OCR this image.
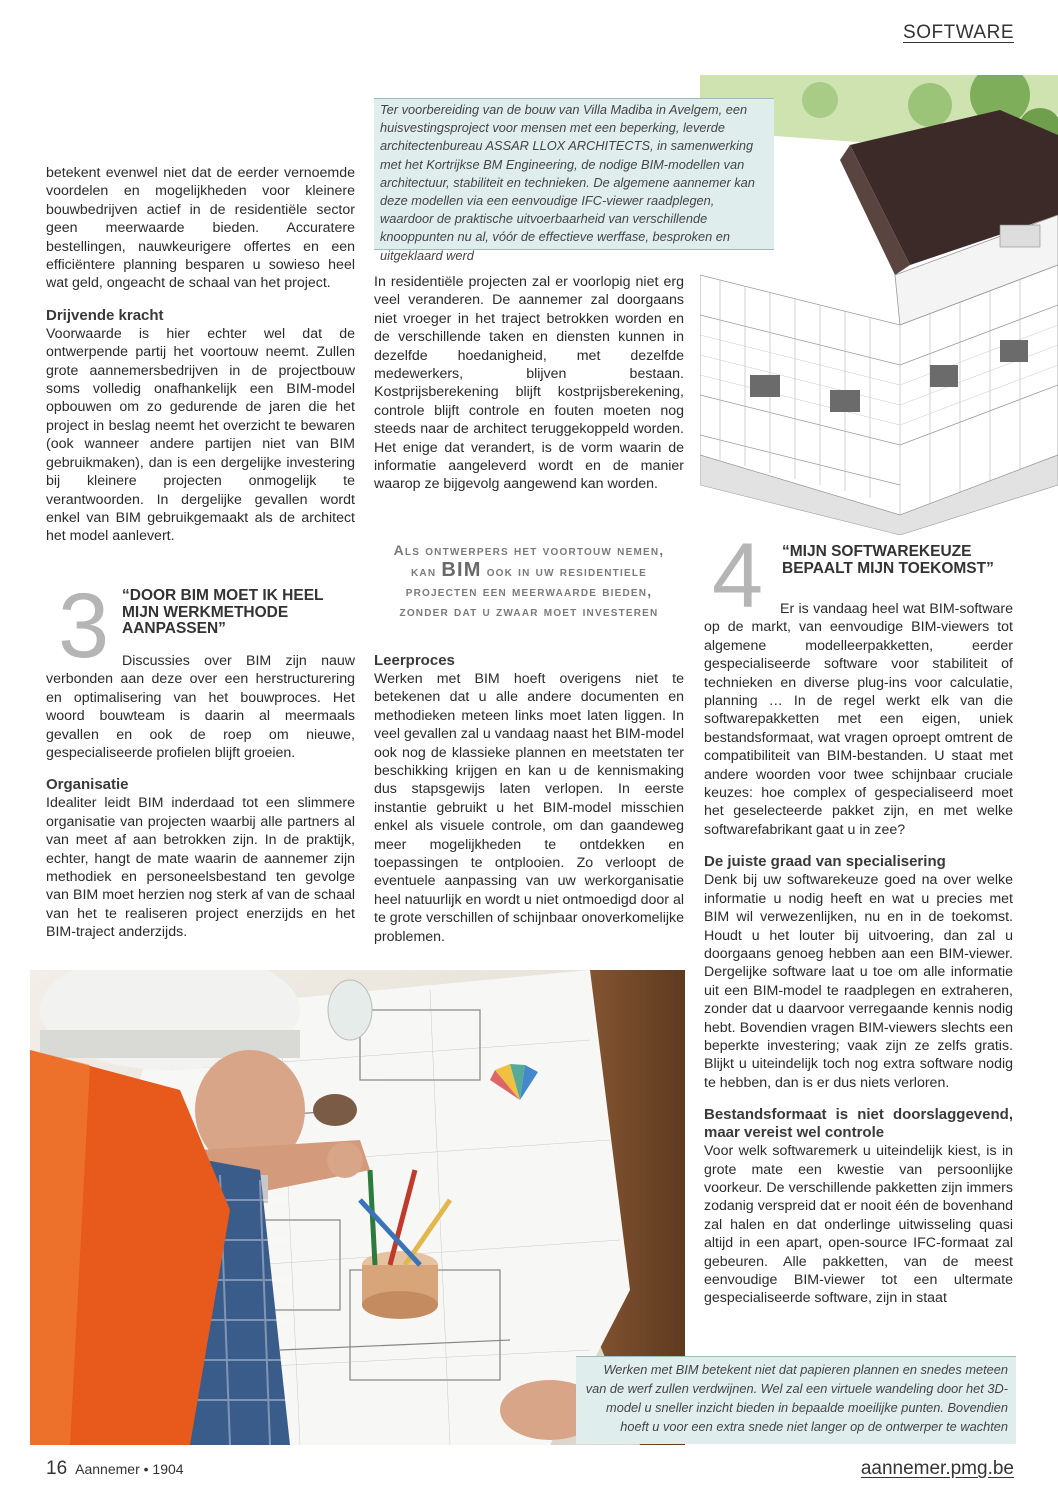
SOFTWARE

Ter voorbereiding van de bouw van Villa Madiba in Avelgem, een huisvestingsproject voor mensen met een beperking, leverde architectenbureau ASSAR LLOX ARCHITECTS, in samenwerking met het Kortrijkse BM Engineering, de nodige BIM-modellen van architectuur, stabiliteit en technieken. De algemene aannemer kan deze modellen via een eenvoudige IFC-viewer raadplegen, waardoor de praktische uitvoerbaarheid van verschillende knooppunten nu al, vóór de effectieve werffase, besproken en uitgeklaard werd

betekent evenwel niet dat de eerder vernoemde voordelen en mogelijkheden voor kleinere bouwbedrijven actief in de residentiële sector geen meerwaarde bieden. Accuratere bestellingen, nauwkeurigere offertes en een efficiëntere planning besparen u sowieso heel wat geld, ongeacht de schaal van het project.

Drijvende kracht

Voorwaarde is hier echter wel dat de ontwerpende partij het voortouw neemt. Zullen grote aannemersbedrijven in de projectbouw soms volledig onafhankelijk een BIM-model opbouwen om zo gedurende de jaren die het project in beslag neemt het overzicht te bewaren (ook wanneer andere partijen niet van BIM gebruikmaken), dan is een dergelijke investering bij kleinere projecten onmogelijk te verantwoorden. In dergelijke gevallen wordt enkel van BIM gebruikgemaakt als de architect het model aanlevert.

3 “DOOR BIM MOET IK HEEL MIJN WERKMETHODE AANPASSEN”

Discussies over BIM zijn nauw verbonden aan deze over een herstructurering en optimalisering van het bouwproces. Het woord bouwteam is daarin al meermaals gevallen en ook de roep om nieuwe, gespecialiseerde profielen blijft groeien.

Organisatie

Idealiter leidt BIM inderdaad tot een slimmere organisatie van projecten waarbij alle partners al van meet af aan betrokken zijn. In de praktijk, echter, hangt de mate waarin de aannemer zijn methodiek en personeelsbestand ten gevolge van BIM moet herzien nog sterk af van de schaal van het te realiseren project enerzijds en het BIM-traject anderzijds.

In residentiële projecten zal er voorlopig niet erg veel veranderen. De aannemer zal doorgaans niet vroeger in het traject betrokken worden en de verschillende taken en diensten kunnen in dezelfde hoedanigheid, met dezelfde medewerkers, blijven bestaan. Kostprijsberekening blijft kostprijsberekening, controle blijft controle en fouten moeten nog steeds naar de architect teruggekoppeld worden. Het enige dat verandert, is de vorm waarin de informatie aangeleverd wordt en de manier waarop ze bijgevolg aangewend kan worden.

Als ontwerpers het voortouw nemen,
kan BIM ook in uw residentiele
projecten een meerwaarde bieden,
zonder dat u zwaar moet investeren
Leerproces

Werken met BIM hoeft overigens niet te betekenen dat u alle andere documenten en methodieken meteen links moet laten liggen. In veel gevallen zal u vandaag naast het BIM-model ook nog de klassieke plannen en meetstaten ter beschikking krijgen en kan u de kennismaking dus stapsgewijs laten verlopen. In eerste instantie gebruikt u het BIM-model misschien enkel als visuele controle, om dan gaandeweg meer mogelijkheden te ontdekken en toepassingen te ontplooien. Zo verloopt de eventuele aanpassing van uw werkorganisatie heel natuurlijk en wordt u niet ontmoedigd door al te grote verschillen of schijnbaar onoverkomelijke problemen.

4 “MIJN SOFTWAREKEUZE BEPAALT MIJN TOEKOMST”

Er is vandaag heel wat BIM-software op de markt, van eenvoudige BIM-viewers tot algemene modelleerpakketten, eerder gespecialiseerde software voor stabiliteit of technieken en diverse plug-ins voor calculatie, planning … In de regel werkt elk van die softwarepakketten met een eigen, uniek bestandsformaat, wat vragen oproept omtrent de compatibiliteit van BIM-bestanden. U staat met andere woorden voor twee schijnbaar cruciale keuzes: hoe complex of gespecialiseerd moet het geselecteerde pakket zijn, en met welke softwarefabrikant gaat u in zee?

De juiste graad van specialisering

Denk bij uw softwarekeuze goed na over welke informatie u nodig heeft en wat u precies met BIM wil verwezenlijken, nu en in de toekomst. Houdt u het louter bij uitvoering, dan zal u doorgaans genoeg hebben aan een BIM-viewer. Dergelijke software laat u toe om alle informatie uit een BIM-model te raadplegen en extraheren, zonder dat u daarvoor verregaande kennis nodig hebt. Bovendien vragen BIM-viewers slechts een beperkte investering; vaak zijn ze zelfs gratis. Blijkt u uiteindelijk toch nog extra software nodig te hebben, dan is er dus niets verloren.

Bestandsformaat is niet doorslaggevend, maar vereist wel controle

Voor welk softwaremerk u uiteindelijk kiest, is in grote mate een kwestie van persoonlijke voorkeur. De verschillende pakketten zijn immers zodanig verspreid dat er nooit één de bovenhand zal halen en dat onderlinge uitwisseling quasi altijd in een apart, open-source IFC-formaat zal gebeuren. Alle pakketten, van de meest eenvoudige BIM-viewer tot een ultermate gespecialiseerde software, zijn in staat

Werken met BIM betekent niet dat papieren plannen en snedes meteen van de werf zullen verdwijnen. Wel zal een virtuele wandeling door het 3D-model u sneller inzicht bieden in bepaalde moeilijke punten. Bovendien hoeft u voor een extra snede niet langer op de ontwerper te wachten

16 Aannemer • 1904	aannemer.pmg.be
